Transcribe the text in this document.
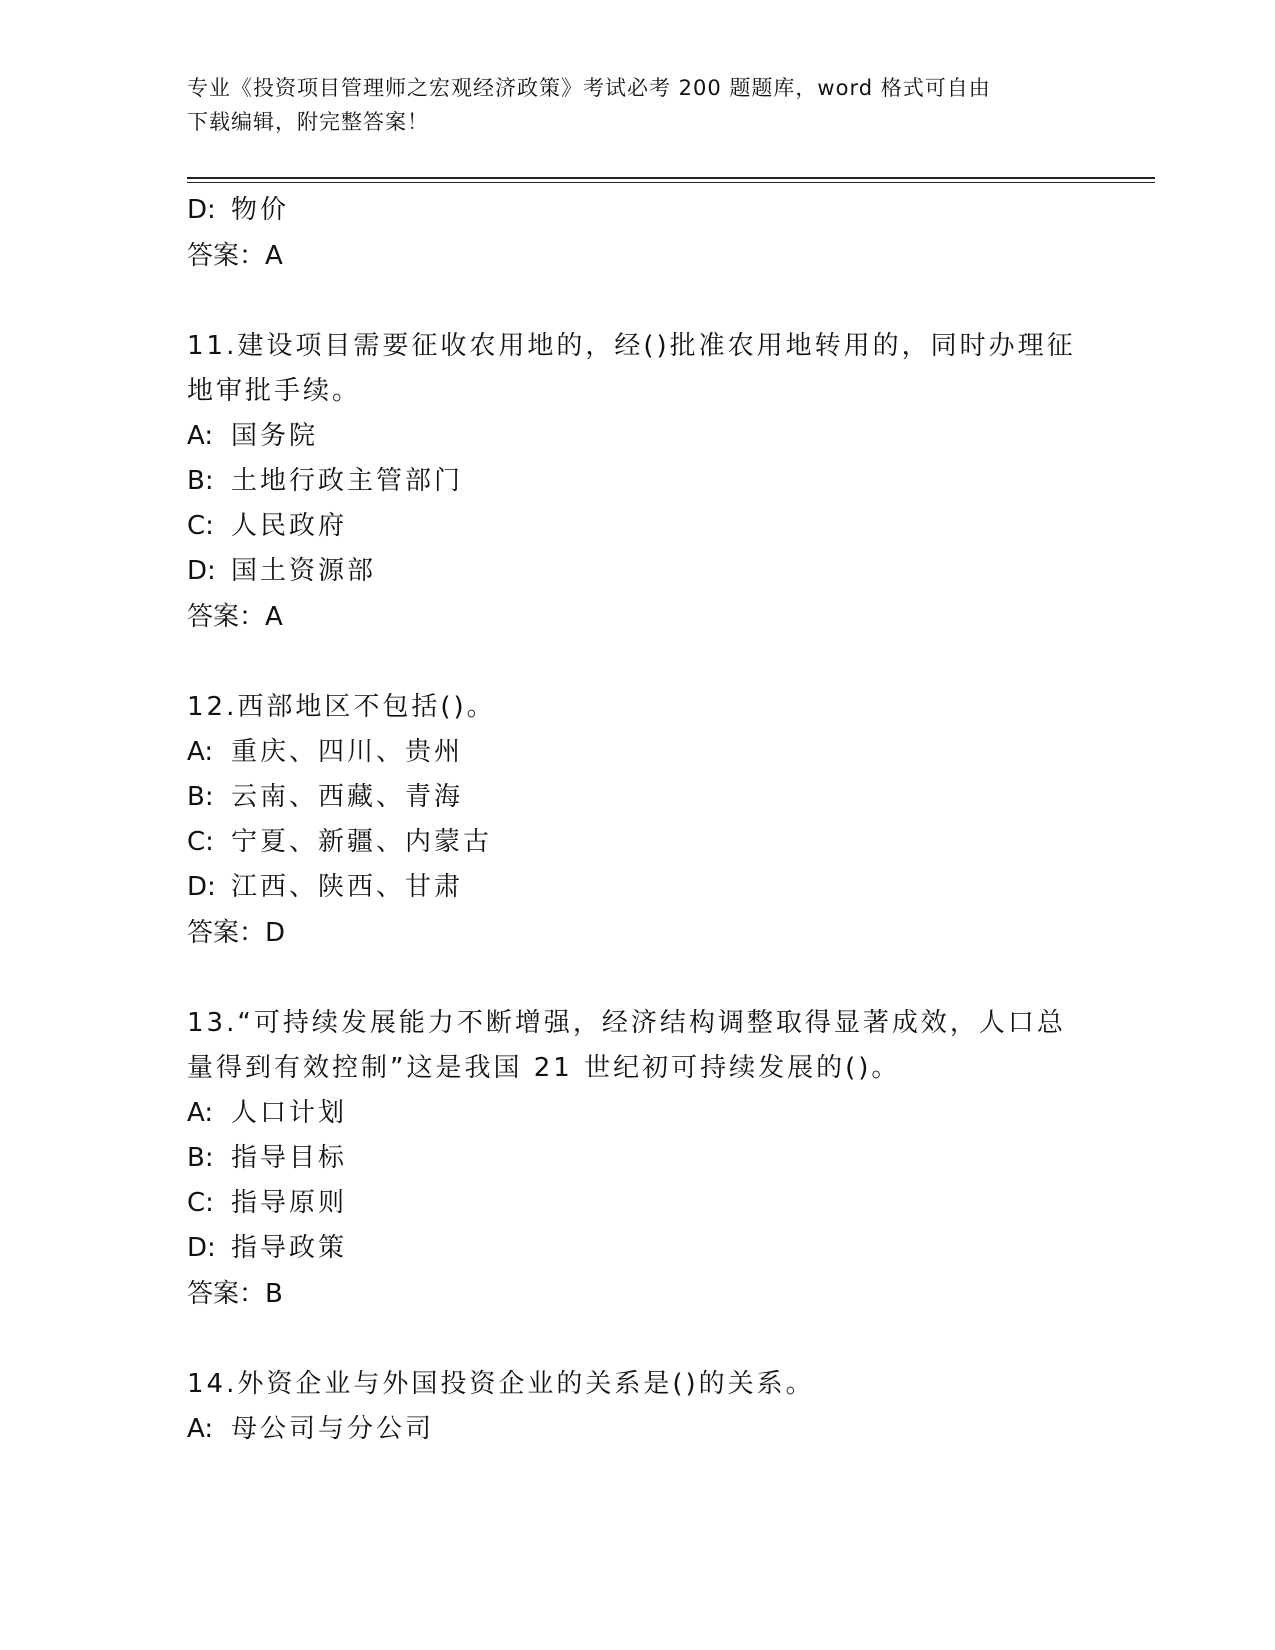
专业《投资项目管理师之宏观经济政策》考试必考 200 题题库，word 格式可自由
下载编辑，附完整答案！
D: 物价
答案：A
11.建设项目需要征收农用地的，经()批准农用地转用的，同时办理征
地审批手续。
A: 国务院
B: 土地行政主管部门
C: 人民政府
D: 国土资源部
答案：A
12.西部地区不包括()。
A: 重庆、四川、贵州
B: 云南、西藏、青海
C: 宁夏、新疆、内蒙古
D: 江西、陕西、甘肃
答案：D
13.“可持续发展能力不断增强，经济结构调整取得显著成效，人口总
量得到有效控制”这是我国 21 世纪初可持续发展的()。
A: 人口计划
B: 指导目标
C: 指导原则
D: 指导政策
答案：B
14.外资企业与外国投资企业的关系是()的关系。
A: 母公司与分公司
